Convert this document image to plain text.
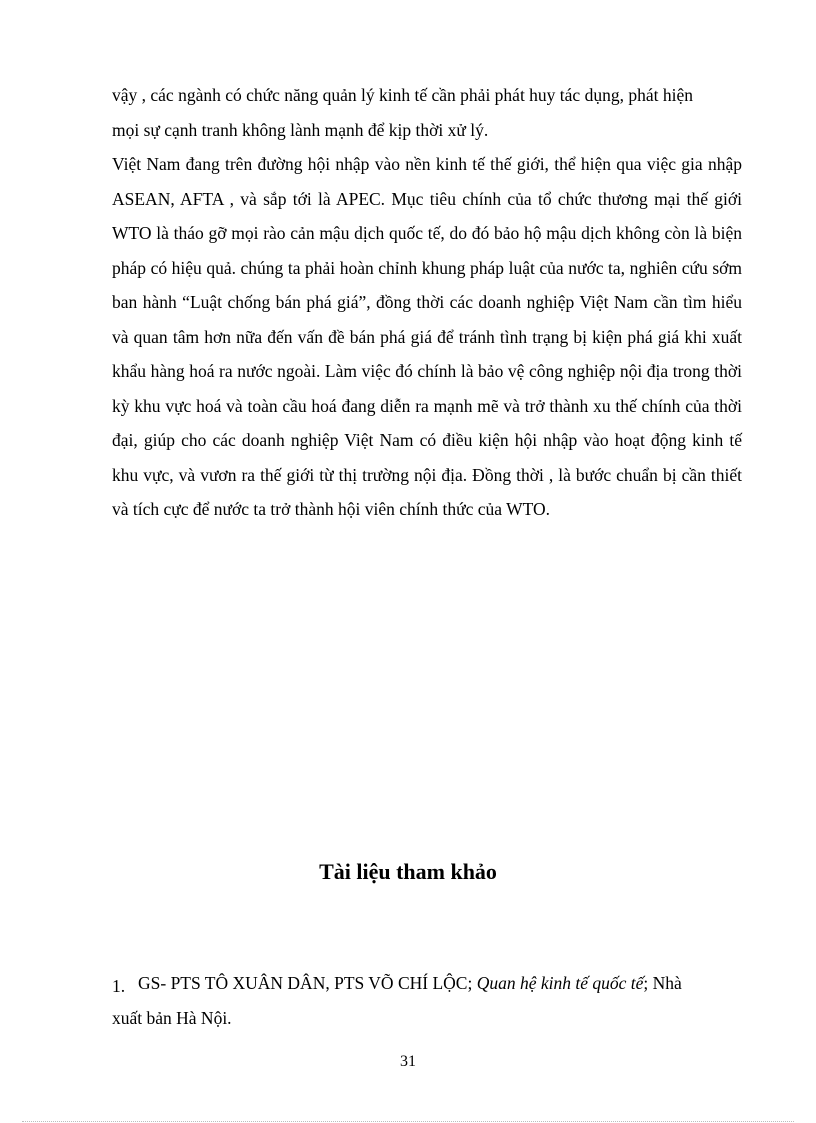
vậy , các ngành có chức năng quản lý kinh tế cần phải phát huy tác dụng, phát hiện
mọi sự cạnh tranh không lành mạnh để kịp thời xử lý.

Việt Nam đang trên đường hội nhập vào nền kinh tế thế giới, thể hiện qua việc gia nhập ASEAN, AFTA , và sắp tới là APEC. Mục tiêu chính của tổ chức thương mại thế giới WTO là tháo gỡ mọi rào cản mậu dịch quốc tế, do đó bảo hộ mậu dịch không còn là biện pháp có hiệu quả. chúng ta phải hoàn chỉnh khung pháp luật của nước ta, nghiên cứu sớm ban hành “Luật chống bán phá giá”, đồng thời các doanh nghiệp Việt Nam cần tìm hiểu và quan tâm hơn nữa đến vấn đề bán phá giá để tránh tình trạng bị kiện phá giá khi xuất khẩu hàng hoá ra nước ngoài. Làm việc đó chính là bảo vệ công nghiệp nội địa trong thời kỳ khu vực hoá và toàn cầu hoá đang diễn ra mạnh mẽ và trở thành xu thế chính của thời đại, giúp cho các doanh nghiệp Việt Nam có điều kiện hội nhập vào hoạt động kinh tế khu vực, và vươn ra thế giới từ thị trường nội địa. Đồng thời , là bước chuẩn bị cần thiết và tích cực để nước ta trở thành hội viên chính thức của WTO.

Tài liệu tham khảo
1. GS- PTS TÔ XUÂN DÂN, PTS VÕ CHÍ LỘC; Quan hệ kinh tế quốc tế; Nhà
xuất bản Hà Nội.
31
